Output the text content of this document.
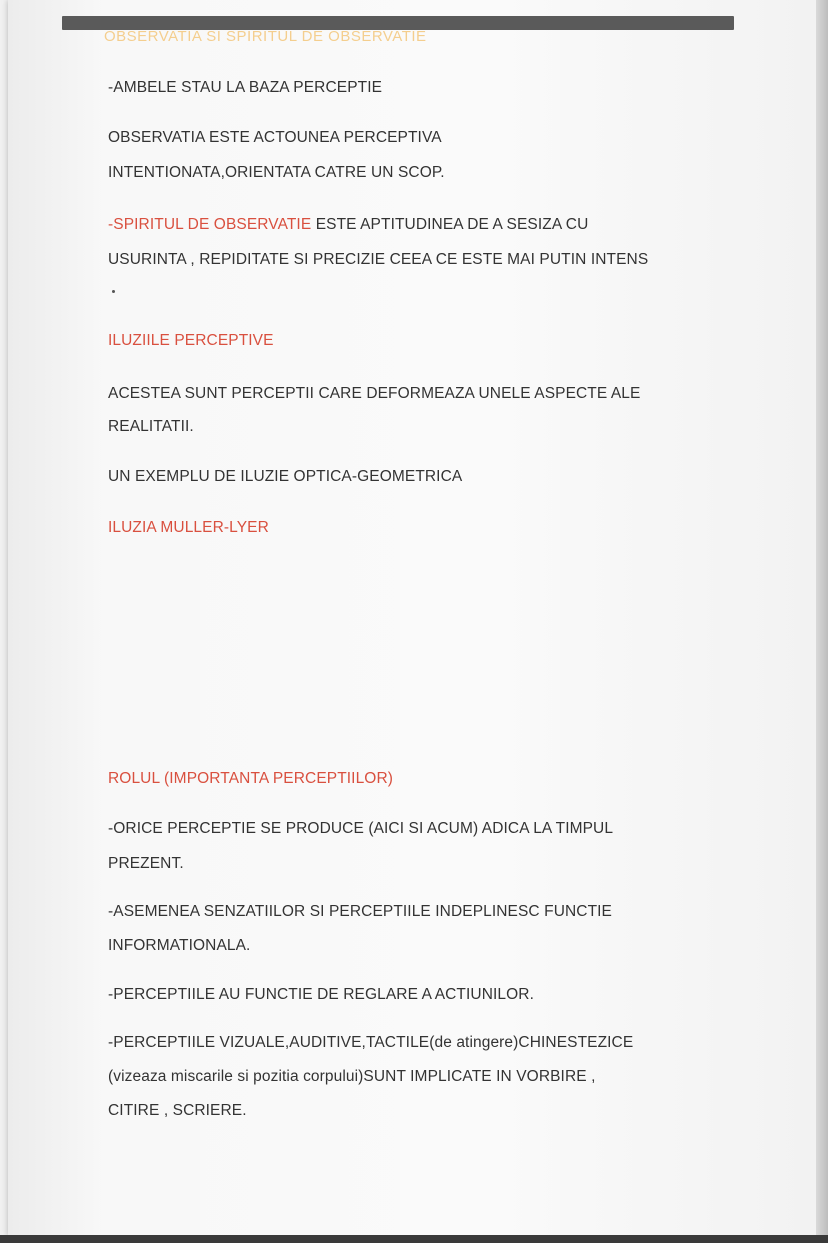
OBSERVATIA SI SPIRITUL DE OBSERVATIE
-AMBELE STAU LA BAZA PERCEPTIE
OBSERVATIA ESTE ACTOUNEA PERCEPTIVA
INTENTIONATA,ORIENTATA CATRE UN SCOP.
-SPIRITUL DE OBSERVATIE ESTE APTITUDINEA DE A SESIZA CU
USURINTA , REPIDITATE SI PRECIZIE CEEA CE ESTE MAI PUTIN INTENS
ILUZIILE PERCEPTIVE
ACESTEA SUNT PERCEPTII CARE DEFORMEAZA UNELE ASPECTE ALE
REALITATII.
UN EXEMPLU DE ILUZIE OPTICA-GEOMETRICA
ILUZIA MULLER-LYER
ROLUL (IMPORTANTA PERCEPTIILOR)
-ORICE PERCEPTIE SE PRODUCE (AICI SI ACUM) ADICA LA TIMPUL
PREZENT.
-ASEMENEA SENZATIILOR SI PERCEPTIILE INDEPLINESC FUNCTIE
INFORMATIONALA.
-PERCEPTIILE AU FUNCTIE DE REGLARE A ACTIUNILOR.
-PERCEPTIILE VIZUALE,AUDITIVE,TACTILE(de atingere)CHINESTEZICE
(vizeaza miscarile si pozitia corpului)SUNT IMPLICATE IN VORBIRE ,
CITIRE , SCRIERE.
